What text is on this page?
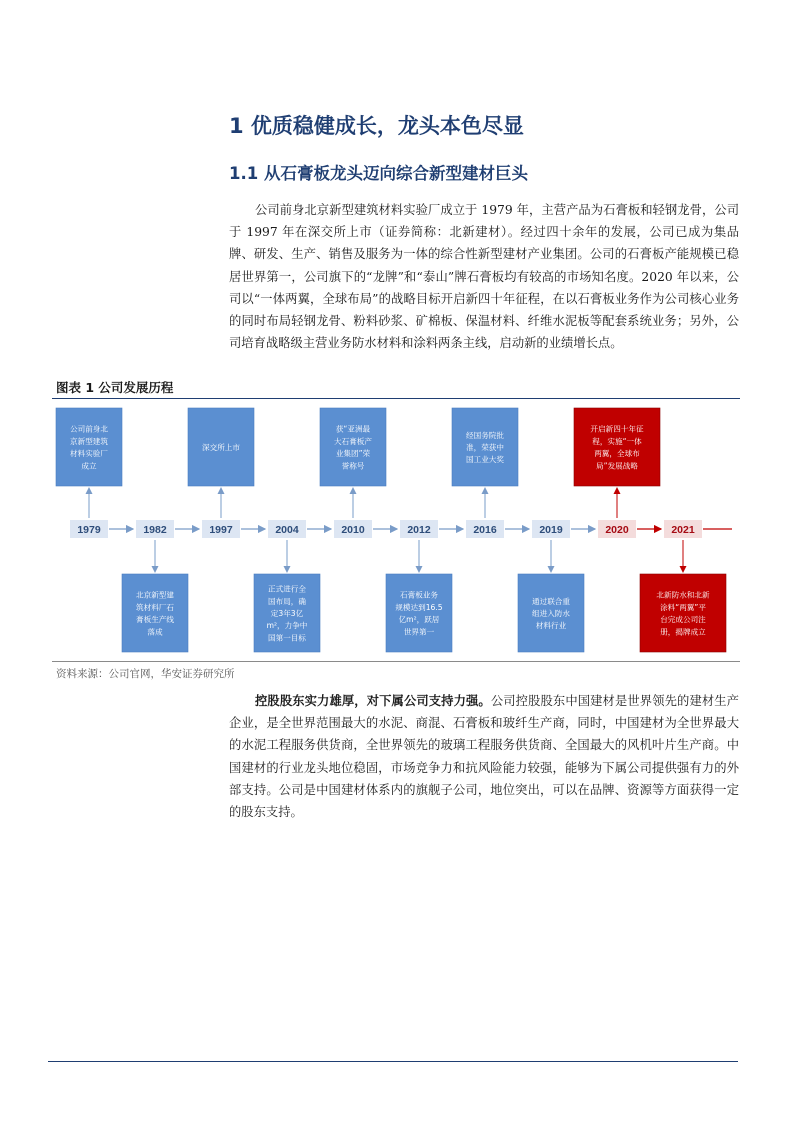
1 优质稳健成长，龙头本色尽显
1.1 从石膏板龙头迈向综合新型建材巨头

公司前身北京新型建筑材料实验厂成立于 1979 年，主营产品为石膏板和轻钢龙骨，公司于 1997 年在深交所上市（证券简称：北新建材）。经过四十余年的发展，公司已成为集品牌、研发、生产、销售及服务为一体的综合性新型建材产业集团。公司的石膏板产能规模已稳居世界第一，公司旗下的“龙牌”和“泰山”牌石膏板均有较高的市场知名度。2020 年以来，公司以“一体两翼，全球布局”的战略目标开启新四十年征程，在以石膏板业务作为公司核心业务的同时布局轻钢龙骨、粉料砂浆、矿棉板、保温材料、纤维水泥板等配套系统业务；另外，公司培育战略级主营业务防水材料和涂料两条主线，启动新的业绩增长点。

图表 1 公司发展历程
1979	1982	1997	2004	2010	2012	2016	2019	2020	2021
公司前身北
京新型建筑
材料实验厂
成立
北京新型建
筑材料厂石
膏板生产线
落成
深交所上市
正式进行全
国布局，确
定3年3亿
m²，力争中
国第一目标
获“亚洲最
大石膏板产
业集团”荣
誉称号
石膏板业务
规模达到16.5
亿m²，跃居
世界第一
经国务院批
准，荣获中
国工业大奖
通过联合重
组进入防水
材料行业
开启新四十年征
程，实施“一体
两翼，全球布
局”发展战略
北新防水和北新
涂料“两翼”平
台完成公司注
册，揭牌成立
资料来源：公司官网，华安证券研究所

控股股东实力雄厚，对下属公司支持力强。公司控股股东中国建材是世界领先的建材生产企业，是全世界范围最大的水泥、商混、石膏板和玻纤生产商，同时，中国建材为全世界最大的水泥工程服务供货商，全世界领先的玻璃工程服务供货商、全国最大的风机叶片生产商。中国建材的行业龙头地位稳固，市场竞争力和抗风险能力较强，能够为下属公司提供强有力的外部支持。公司是中国建材体系内的旗舰子公司，地位突出，可以在品牌、资源等方面获得一定的股东支持。
